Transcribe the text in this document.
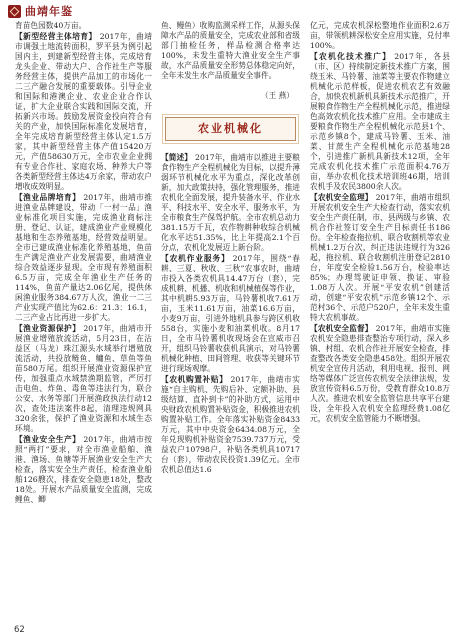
曲靖年鉴

育苗色园数40万亩。

【新型经营主体培育】 2017年，曲靖市调强土地流转面积，罗平县为例引起国内主，到建新型经营主体，完成培育龙头企业、带动大户、合作社生产等服务经营主体，提供产品加工的市场化一二三产融合发展的重要载体。引导企业和国际和港澳企业、农业企业合作认证，扩大企业联合实践和国际交流，开拓新兴市场。鼓励发展资金投向符合有关的产业，加快国际标准化发展培育，全年完成培育新型经营主体认定1.5万家，其中新型经营主体产值15420万元，产值58630万元，全市农业企业拥有专业合作社、家庭农场、种养大户等各类新型经营主体达4万余家，带动农户增收成效明显。

【渔业品牌培育】 2017年，曲靖市推进渔业品牌建设，带动「一村一品」渔业标准化项目实施，完成渔业商标注册、登记、认证，建成渔业产业规模化基地和生态养殖基地，经营效益明显。全市已建成渔业标准化养殖基地，鱼苗生产满足渔业产业发展需要，曲靖渔业综合效益逐步显现。全市现有养殖面积6.5万亩，完成全年渔业生产任务的114%，鱼苗产量达2.06亿尾，提供休闲渔业服务384.67万人次，渔业一二三产业实现产值比为62.6：21.3：16.1，二三产业占比再进一步扩大。

【渔业资源保护】 2017年，曲靖市开展渔业增殖放流活动，5月23日，在沾益区（马龙）珠江源头水域举行增殖放流活动，共投放鲢鱼、鳙鱼、草鱼等鱼苗580万尾。组织开展渔业资源保护宣传，加强重点水域禁渔期监管，严厉打击电鱼、炸鱼、毒鱼等违法行为，联合公安、水务等部门开展渔政执法行动12次，查处违法案件8起，清理违规网具320余张，保护了渔业资源和水域生态环境。

【渔业安全生产】 2017年，曲靖市按照“两打”要求，对全市渔业船舶、渔港、渔场、鱼塘等开展渔业安全生产大检查，落实安全生产责任，检查渔业船舶126艘次，排查安全隐患18处，整改18处。开展水产品质量安全监测，完成鲤鱼、鲫

鱼、鳗鱼）收购监测采样工作，从源头保障水产品的质量安全，完成农业部和省级部门抽检任务，样品检测合格率达100%，未发生重特大渔业安全生产事故，水产品质量安全形势总体稳定向好，全年未发生水产品质量安全事件。

（王 燕）

农业机械化

【简述】 2017年，曲靖市以推进主要粮食作物生产全程机械化为目标，以提升薄弱环节机械化水平为重点，深化改革创新，加大政策扶持，强化管理服务，推进农机化全面发展，提升装备水平、作业水平、科技水平、安全水平、服务水平，为全市粮食生产保驾护航。全市农机总动力381.15万千瓦，农作物耕种收综合机械化水平达51.35%，比上年提高2.1个百分点，农机化发展迈上新台阶。

【农机作业服务】 2017年，围绕“春耕、三夏、秋收、三秋”农事农时，曲靖市投入各类农机具14.47万台（套），完成机耕、机播、机收和机械植保等作业，其中机耕5.93万亩，马铃薯机收7.61万亩，玉米11.61万亩，油菜16.6万亩，小麦9万亩，引进外地机具参与跨区机收558台，实施小麦和油菜机收。8月17日，全市马铃薯机收现场会在宣威市召开，组织马铃薯收获机具演示，对马铃薯机械化种植、田间管理、收获等关键环节进行现场观摩。

【农机购置补贴】 2017年，曲靖市实施“自主购机、先购后补、定额补助、县级结算、直补到卡”的补助方式，运用中央财政农机购置补贴资金，积极推进农机购置补贴工作。全年落实补贴资金8433万元，其中中央资金6434.08万元，全年兑现购机补贴资金7539.737万元，受益农户10798户，补贴各类机具10717台（套），带动农民投资1.39亿元。全市农机总值达1.6

亿元，完成农机深松整地作业面积2.6万亩，带领机耕深松安全应用实施，兑付率100%。

【农机化技术推广】 2017年，各县（市、区）持续制定新技术推广方案，围绕玉米、马铃薯、油菜等主要农作物建立机械化示范样板，促进农机农艺有效融合，加快农机新机具新技术示范推广，开展粮食作物生产全程机械化示范，推进绿色高效农机化技术推广应用。全市建成主要粮食作物生产全程机械化示范县1个、示范乡镇8个，建成马铃薯、玉米、油菜、甘蔗生产全程机械化示范基地28个，引进推广新机具新技术12项，全年完成农机化技术推广示范面积4.76万亩，举办农机化技术培训班46期，培训农机手及农民3800余人次。

【农机安全监理】 2017年，曲靖市组织开展农机安全生产大检查行动，落实农机安全生产责任制，市、县两级与乡镇、农机合作社签订安全生产目标责任书186份。全年检查拖拉机、联合收割机等农业机械1.2万台次，纠正违法违规行为326起，拖拉机、联合收割机注册登记2810台，年度安全检验1.56万台，检验率达85%；办理驾驶证申领、换证、审验1.08万人次。开展“平安农机”创建活动，创建“平安农机”示范乡镇12个、示范村36个、示范户520户，全年未发生重特大农机事故。

【农机安全监督】 2017年，曲靖市实施农机安全隐患排查整治专项行动，深入乡镇、村组、农机合作社开展安全检查，排查整改各类安全隐患458处。组织开展农机安全宣传月活动，利用电视、报刊、网络等媒体广泛宣传农机安全法律法规，发放宣传资料6.5万份，受教育群众10.8万人次。推进农机安全监管信息共享平台建设，全年投入农机安全监理经费1.08亿元，农机安全监管能力不断增强。

62
